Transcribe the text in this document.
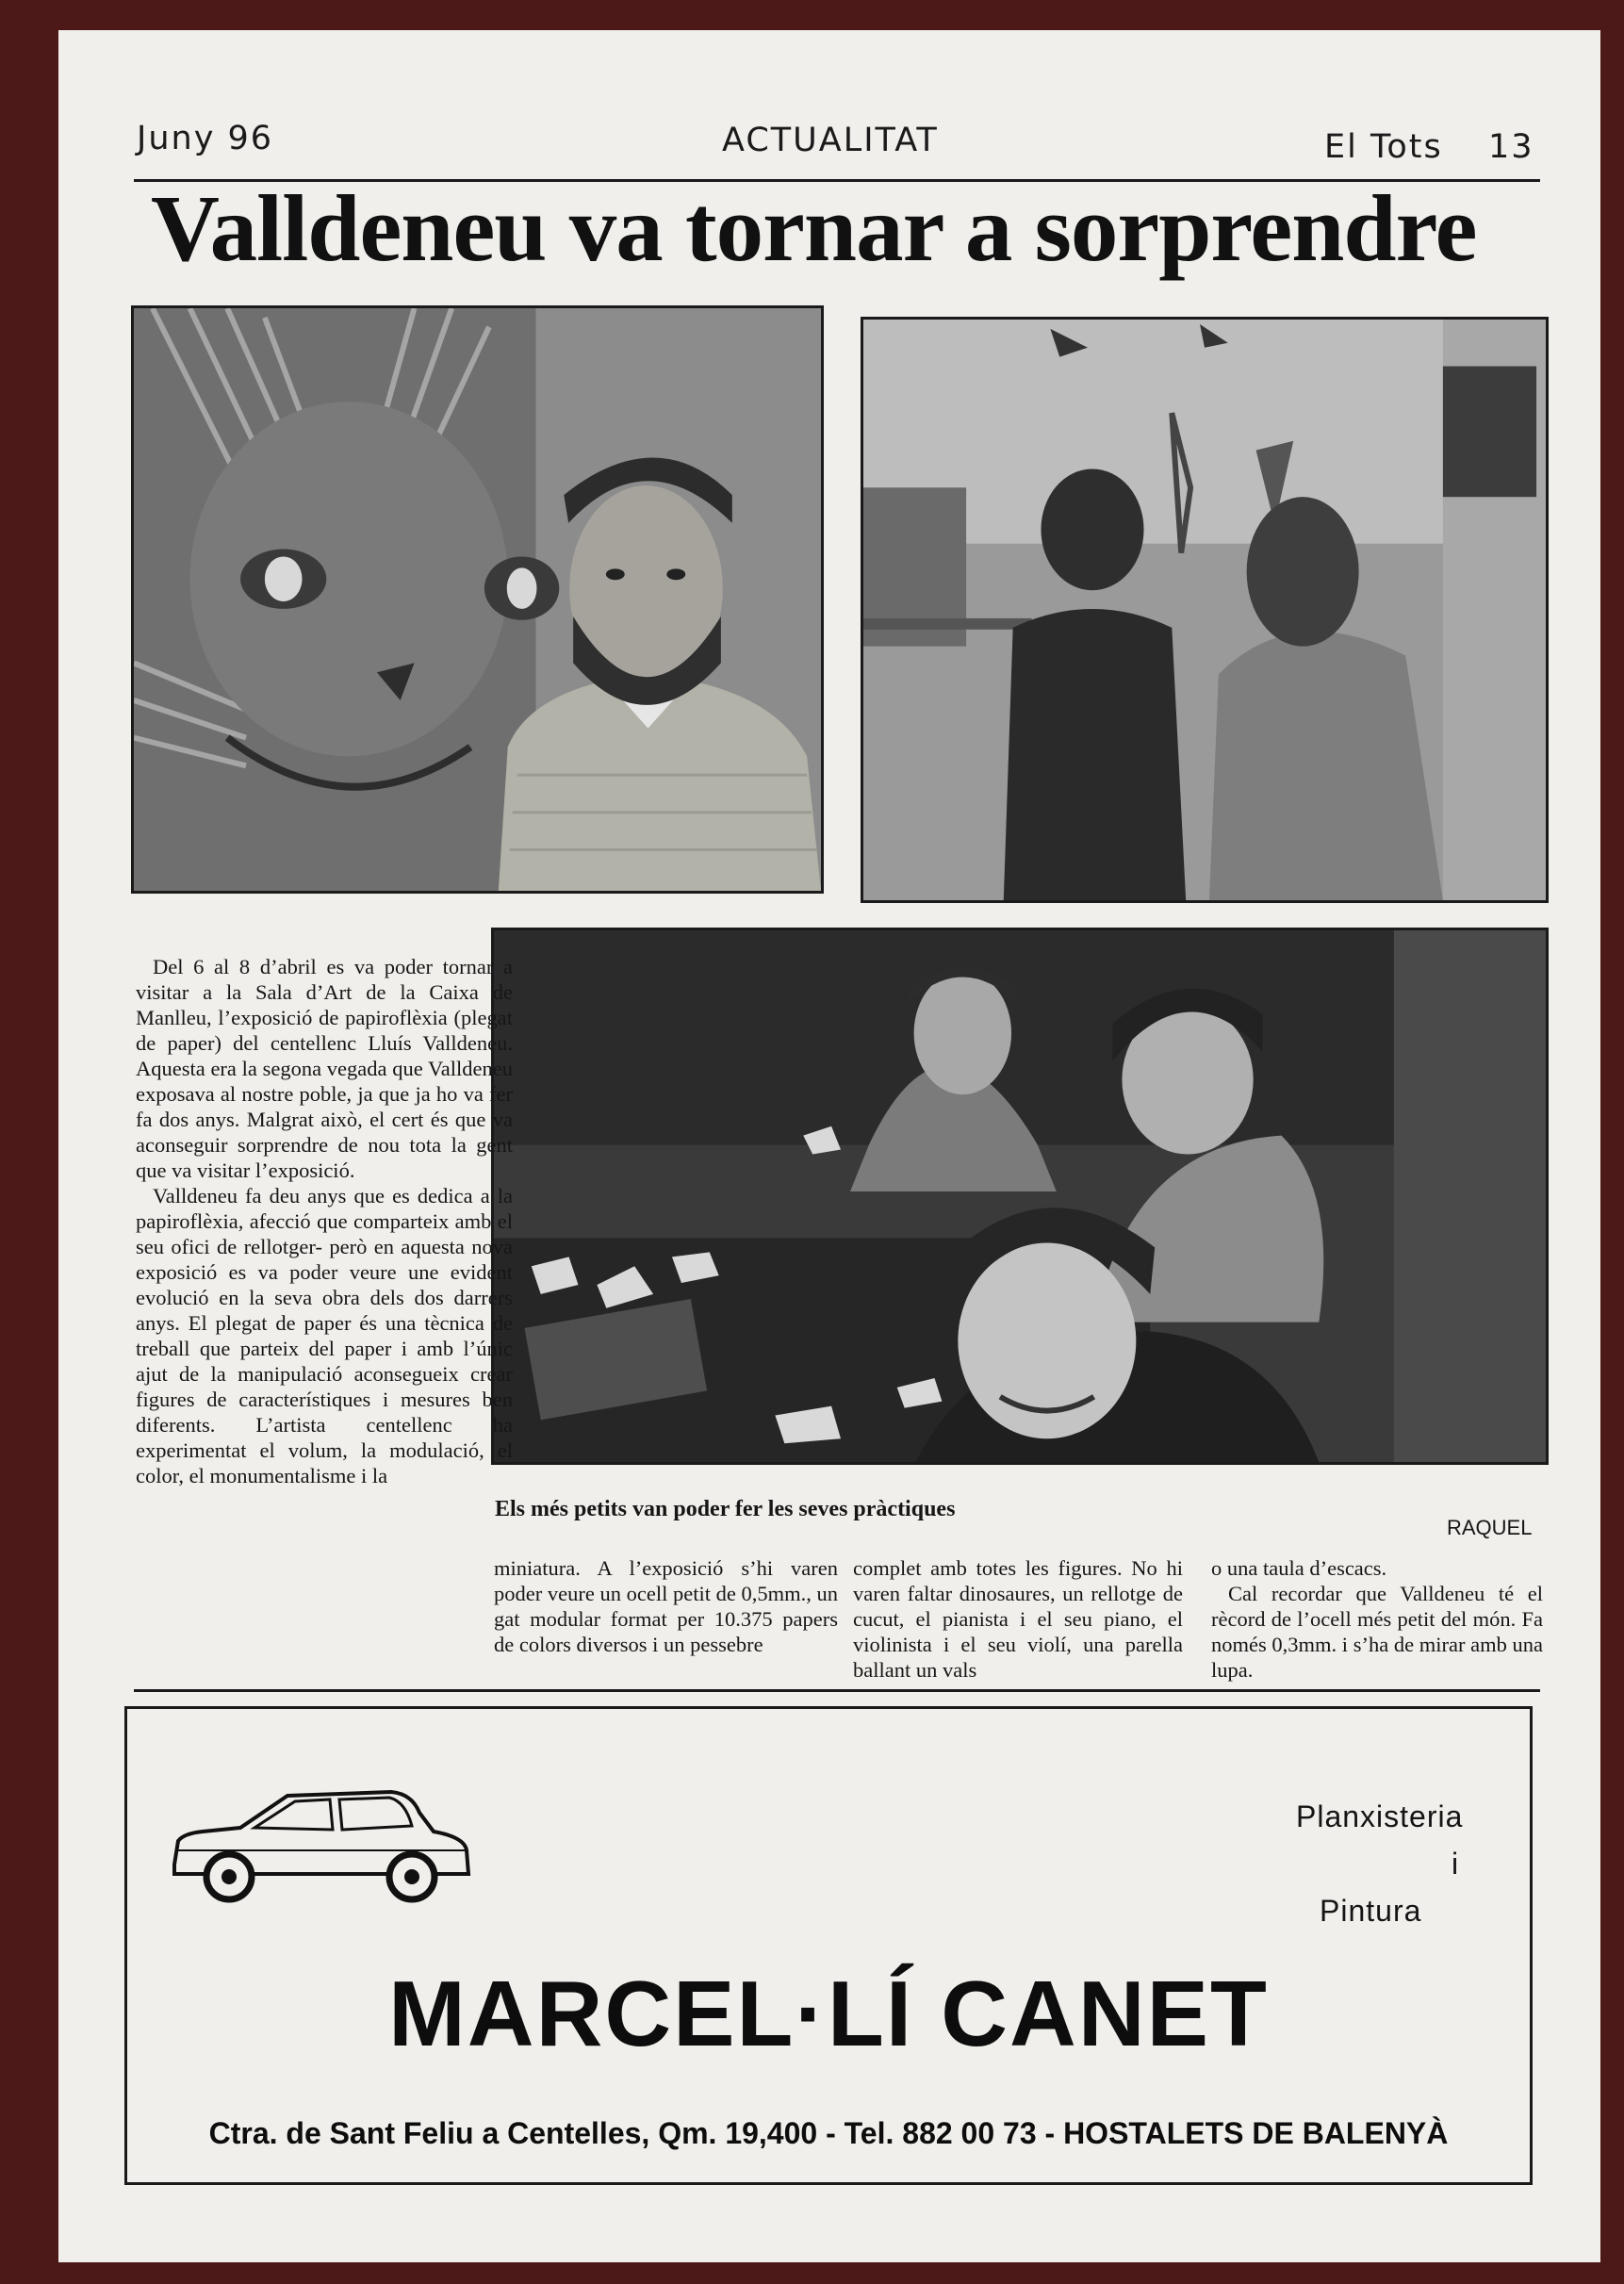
Juny 96	ACTUALITAT	El Tots 13
Valldeneu va tornar a sorprendre

Del 6 al 8 d’abril es va poder tornar a visitar a la Sala d’Art de la Caixa de Manlleu, l’exposició de papiroflèxia (plegat de paper) del centellenc Lluís Valldeneu. Aquesta era la segona vegada que Valldeneu exposava al nostre poble, ja que ja ho va fer fa dos anys. Malgrat això, el cert és que va aconseguir sorprendre de nou tota la gent que va visitar l’exposició.

Valldeneu fa deu anys que es dedica a la papiroflèxia, afecció que comparteix amb el seu ofici de rellotger- però en aquesta nova exposició es va poder veure une evident evolució en la seva obra dels dos darrers anys. El plegat de paper és una tècnica de treball que parteix del paper i amb l’únic ajut de la manipulació aconsegueix crear figures de característiques i mesures ben diferents. L’artista centellenc ha experimentat el volum, la modulació, el color, el monumentalisme i la

Els més petits van poder fer les seves pràctiques
RAQUEL

miniatura. A l’exposició s’hi varen poder veure un ocell petit de 0,5mm., un gat modular format per 10.375 papers de colors diversos i un pessebre

complet amb totes les figures. No hi varen faltar dinosaures, un rellotge de cucut, el pianista i el seu piano, el violinista i el seu violí, una parella ballant un vals

o una taula d’escacs.

Cal recordar que Valldeneu té el rècord de l’ocell més petit del món. Fa només 0,3mm. i s’ha de mirar amb una lupa.

Planxisteria
i
Pintura
MARCEL·LÍ CANET
Ctra. de Sant Feliu a Centelles, Qm. 19,400 - Tel. 882 00 73 - HOSTALETS DE BALENYÀ
